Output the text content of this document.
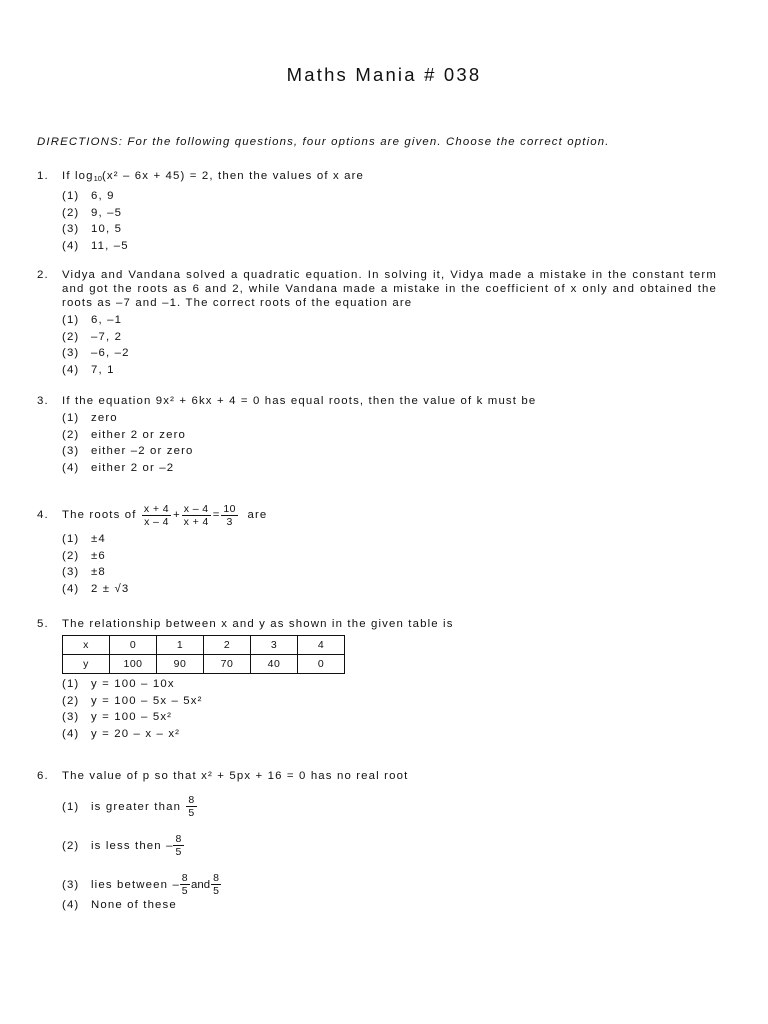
Maths Mania # 038
DIRECTIONS: For the following questions, four options are given. Choose the correct option.
1. If $\log_{10}(x^2 - 6x + 45) = 2$, then the values of x are
(1) 6, 9
(2) 9, –5
(3) 10, 5
(4) 11, –5
2. Vidya and Vandana solved a quadratic equation. In solving it, Vidya made a mistake in the constant term and got the roots as 6 and 2, while Vandana made a mistake in the coefficient of x only and obtained the roots as –7 and –1. The correct roots of the equation are
(1) 6, –1
(2) –7, 2
(3) –6, –2
(4) 7, 1
3. If the equation 9x² + 6kx + 4 = 0 has equal roots, then the value of k must be
(1) zero
(2) either 2 or zero
(3) either –2 or zero
(4) either 2 or –2
4. The roots of
$\frac{x + 4}{x - 4} + \frac{x - 4}{x + 4} = \frac{10}{3}$
are
(1) ±4
(2) ±6
(3) ±8
(4) 2 ± √3
5. The relationship between x and y as shown in the given table is
x	0	1	2	3	4
y	100	90	70	40	0
(1) y = 100 – 10x
(2) y = 100 – 5x – 5x²
(3) y = 100 – 5x²
(4) y = 20 – x – x²
6. The value of p so that x² + 5px + 16 = 0 has no real root
(1)	is greater than
$\frac{8}{5}$
(2)	is less then
– $\frac{8}{5}$
(3)	lies between
– $\frac{8}{5}$ and $\frac{8}{5}$
(4) None of these
